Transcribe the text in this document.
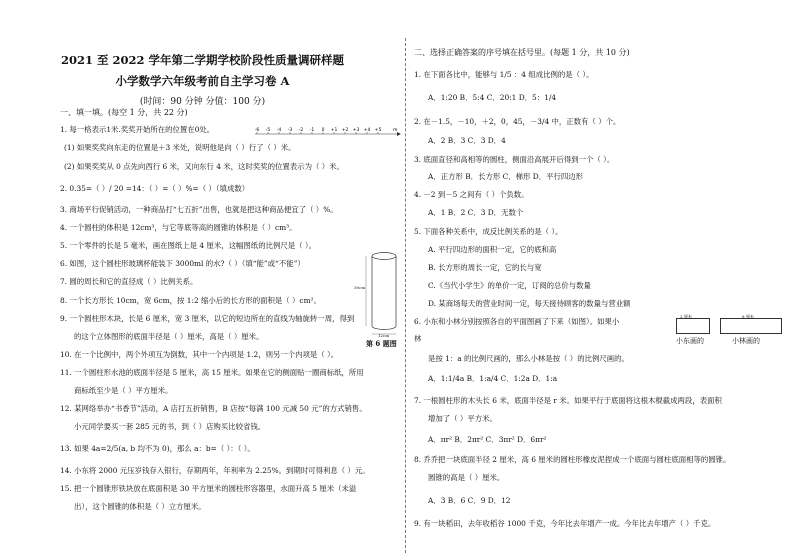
2021 至 2022 学年第二学期学校阶段性质量调研样题
小学数学六年级考前自主学习卷 A
(时间：90 分钟 分值：100 分)
一、填一填。(每空 1 分，共 22 分)
1. 每一格表示1米.奖奖开始所在的位置在0处。	-6 -5 -4 -3 -2 -1 0 +1 +2 +3 +4 +5	m
(1) 如果奖奖向东走的位置是＋3 米处，说明他是向（ ）行了（ ）米。
(2) 如果奖奖从 0 点先向西行 6 米，又向东行 4 米，这时奖奖的位置表示为（ ）米。
2. 0.35=（ ）/ 20 =14：（ ）=（ ）%=（ ）（填成数）
3. 商场平行促销活动，一种商品打“七五折”出售，也就是把这种商品便宜了（ ）%。
4. 一个圆柱的体积是 12cm³，与它等底等高的圆锥的体积是（ ）cm³。
5. 一个零件的长是 5 毫米，画在图纸上是 4 厘米，这幅图纸的比例尺是（ ）。
6. 如图，这个圆柱形玻璃杯能装下 3000ml 的水?（ ）（填“能”或“不能”）
7. 圆的周长和它的直径成（ ）比例关系。
8. 一个长方形长 10cm，宽 6cm，按 1:2 缩小后的长方形的面积是（ ）cm²。
9. 一个圆柱形木块，长是 6 厘米，宽 3 厘米，以它的短边所在的直线为轴旋转一周，得到
的这个立体图形的底面半径是（ ）厘米，高是（ ）厘米。
10. 在一个比例中，两个外项互为倒数，其中一个内项是 1.2，则另一个内项是（ ）。
11. 一个圆柱形水池的底面半径是 5 厘米，高 15 厘米。如果在它的侧面贴一圈商标纸，所用
商标纸至少是（ ）平方厘米。
12. 某网络举办“书香节”活动，A 店打五折销售，B 店按“每满 100 元减 50 元”的方式销售。
小元同学要买一套 285 元的书，到（ ）店购买比较省钱。
13. 如果 4a=2/5(a, b 均不为 0)，那么 a：b=（ ）：（ ）。
14. 小东将 2000 元压岁钱存入银行，存期两年，年利率为 2.25%。到期时可得利息（ ）元。
15. 把一个圆锥形铁块放在底面积是 30 平方厘米的圆柱形容器里，水面升高 5 厘米（未溢
出），这个圆锥的体积是（ ）立方厘米。
30cm
12cm
第 6 题图
二、选择正确答案的序号填在括号里。(每题 1 分，共 10 分)
1. 在下面各比中，能够与 1/5 ：4 组成比例的是（ ）。
A．1:20 B．5:4 C．20:1 D．5：1/4
2. 在－1.5，－10，＋2，0，45，－3/4 中，正数有（ ）个。
A．2 B．3 C．3 D．4
3. 底面直径和高相等的圆柱，侧面沿高展开后得到一个（ ）。
A．正方形 B．长方形 C．梯形 D．平行四边形
4. －2 到－5 之间有（ ）个负数。
A．1 B．2 C．3 D．无数个
5. 下面各种关系中，成反比例关系的是（ ）。
A. 平行四边形的面积一定，它的底和高
B. 长方形的周长一定，它的长与宽
C.《当代小学生》的单价一定，订阅的总价与数量
D. 某商场每天的营业时间一定，每天接待顾客的数量与营业额
6. 小东和小林分别按照各自的平面图画了下来（如图）。如果小
林
是按 1：a 的比例尺画的，那么小林是按（ ）的比例尺画的。
A．1:1/4a B．1:a/4 C．1:2a D．1:a
7. 一根圆柱形的木头长 6 米，底面半径是 r 米。如果平行于底面将这根木棍截成两段，表面积
增加了（ ）平方米。
A．πr² B．2πr² C．3πr² D．6πr²
8. 乔乔把一块底面半径 2 厘米，高 6 厘米的圆柱形橡皮泥捏成一个底面与圆柱底面相等的圆锥。
圆锥的高是（ ）厘米。
A．3 B．6 C．9 D．12
9. 有一块稻田，去年收稻谷 1000 千克，今年比去年增产一成。今年比去年增产（ ）千克。
2 厘米
小东画的
8 厘米
小林画的
